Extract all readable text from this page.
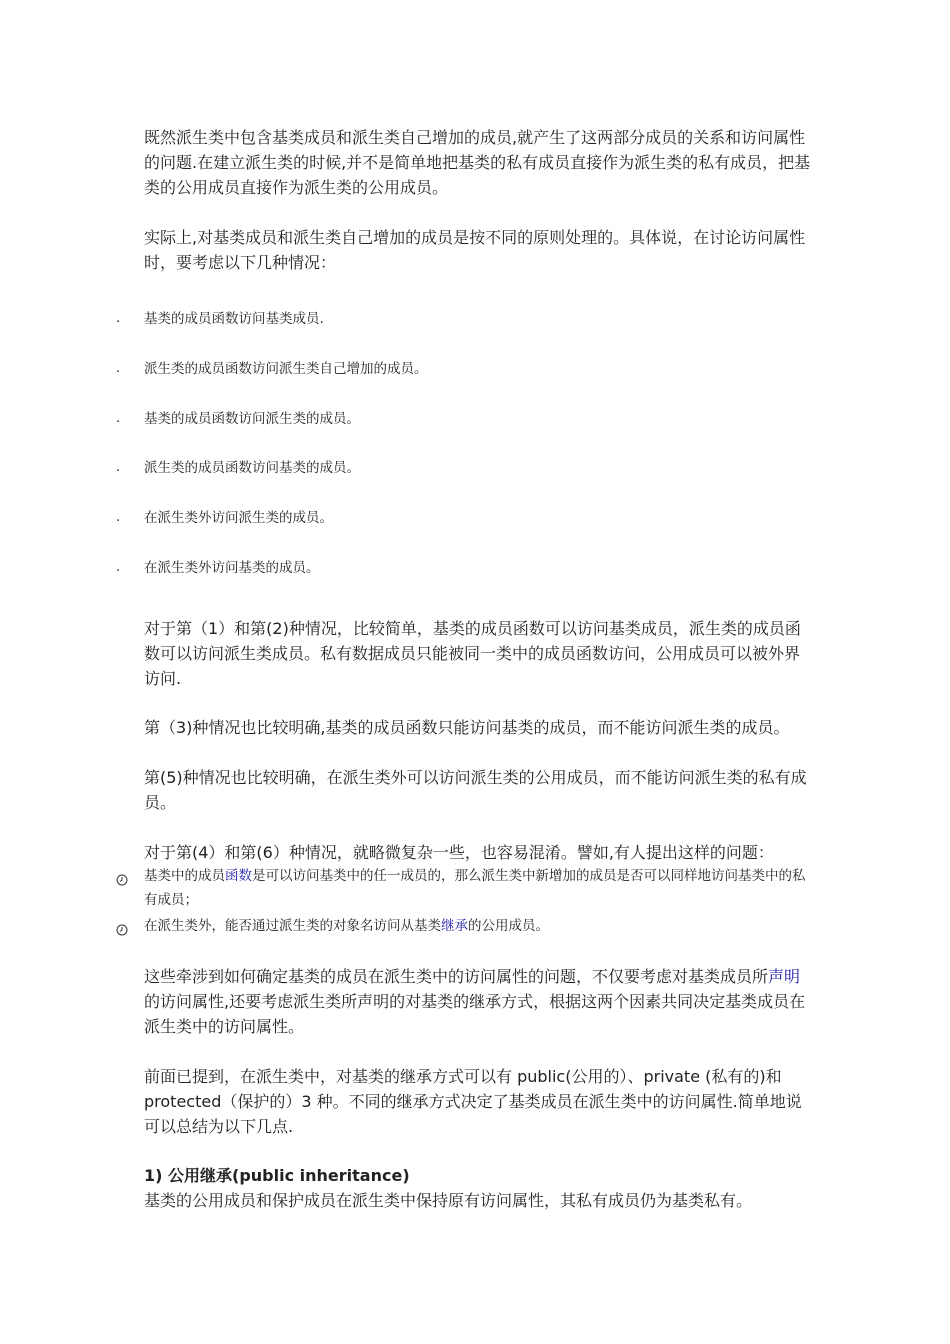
既然派生类中包含基类成员和派生类自己增加的成员,就产生了这两部分成员的关系和访问属性的问题.在建立派生类的时候,并不是简单地把基类的私有成员直接作为派生类的私有成员，把基类的公用成员直接作为派生类的公用成员。

实际上,对基类成员和派生类自己增加的成员是按不同的原则处理的。具体说，在讨论访问属性时，要考虑以下几种情况：

. 基类的成员函数访问基类成员.
. 派生类的成员函数访问派生类自己增加的成员。
. 基类的成员函数访问派生类的成员。
. 派生类的成员函数访问基类的成员。
. 在派生类外访问派生类的成员。
. 在派生类外访问基类的成员。

对于第（1）和第(2)种情况，比较简单，基类的成员函数可以访问基类成员，派生类的成员函数可以访问派生类成员。私有数据成员只能被同一类中的成员函数访问，公用成员可以被外界访问.

第（3)种情况也比较明确,基类的成员函数只能访问基类的成员，而不能访问派生类的成员。

第(5)种情况也比较明确，在派生类外可以访问派生类的公用成员，而不能访问派生类的私有成员。

对于第(4）和第(6）种情况，就略微复杂一些，也容易混淆。譬如,有人提出这样的问题：

基类中的成员函数是可以访问基类中的任一成员的，那么派生类中新增加的成员是否可以同样地访问基类中的私有成员；
在派生类外，能否通过派生类的对象名访问从基类继承的公用成员。

这些牵涉到如何确定基类的成员在派生类中的访问属性的问题，不仅要考虑对基类成员所声明的访问属性,还要考虑派生类所声明的对基类的继承方式，根据这两个因素共同决定基类成员在派生类中的访问属性。

前面已提到，在派生类中，对基类的继承方式可以有 public(公用的）、private (私有的)和 protected（保护的）3 种。不同的继承方式决定了基类成员在派生类中的访问属性.简单地说可以总结为以下几点.

1) 公用继承(public inheritance)

基类的公用成员和保护成员在派生类中保持原有访问属性，其私有成员仍为基类私有。
